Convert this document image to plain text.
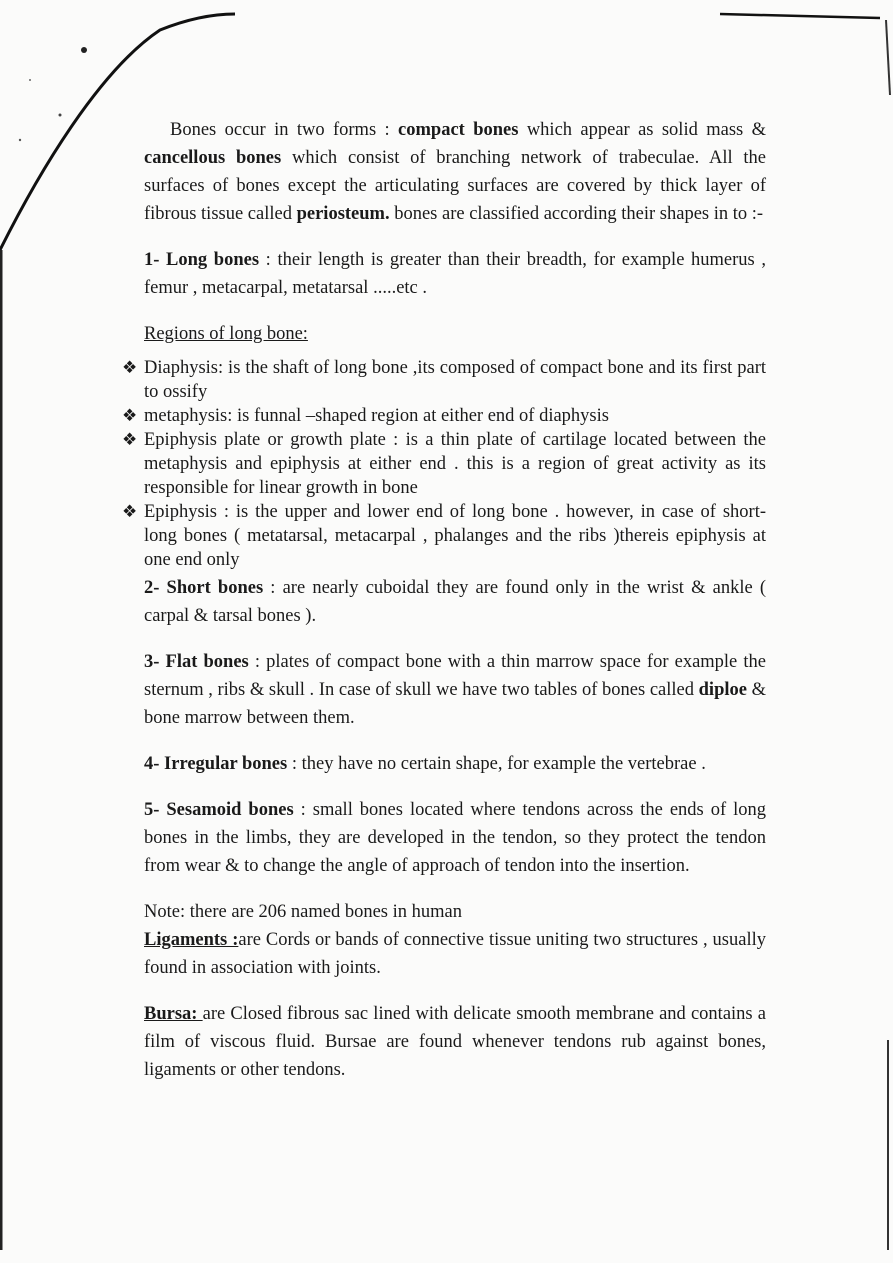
Bones occur in two forms : compact bones which appear as solid mass & cancellous bones which consist of branching network of trabeculae. All the surfaces of bones except the articulating surfaces are covered by thick layer of fibrous tissue called periosteum. bones are classified according their shapes in to :-

1- Long bones : their length is greater than their breadth, for example humerus , femur , metacarpal, metatarsal .....etc .

Regions of long bone:

❖ Diaphysis: is the shaft of long bone ,its composed of compact bone and its first part to ossify
❖ metaphysis: is funnal –shaped region at either end of diaphysis
❖ Epiphysis plate or growth plate : is a thin plate of cartilage located between the metaphysis and epiphysis at either end . this is a region of great activity as its responsible for linear growth in bone
❖ Epiphysis : is the upper and lower end of long bone . however, in case of short- long bones ( metatarsal, metacarpal , phalanges and the ribs )thereis epiphysis at one end only

2- Short bones : are nearly cuboidal they are found only in the wrist & ankle ( carpal & tarsal bones ).

3- Flat bones : plates of compact bone with a thin marrow space for example the sternum , ribs & skull . In case of skull we have two tables of bones called diploe & bone marrow between them.

4- Irregular bones : they have no certain shape, for example the vertebrae .

5- Sesamoid bones : small bones located where tendons across the ends of long bones in the limbs, they are developed in the tendon, so they protect the tendon from wear & to change the angle of approach of tendon into the insertion.

Note: there are 206 named bones in human

Ligaments :are Cords or bands of connective tissue uniting two structures , usually found in association with joints.

Bursa: are Closed fibrous sac lined with delicate smooth membrane and contains a film of viscous fluid. Bursae are found whenever tendons rub against bones, ligaments or other tendons.
